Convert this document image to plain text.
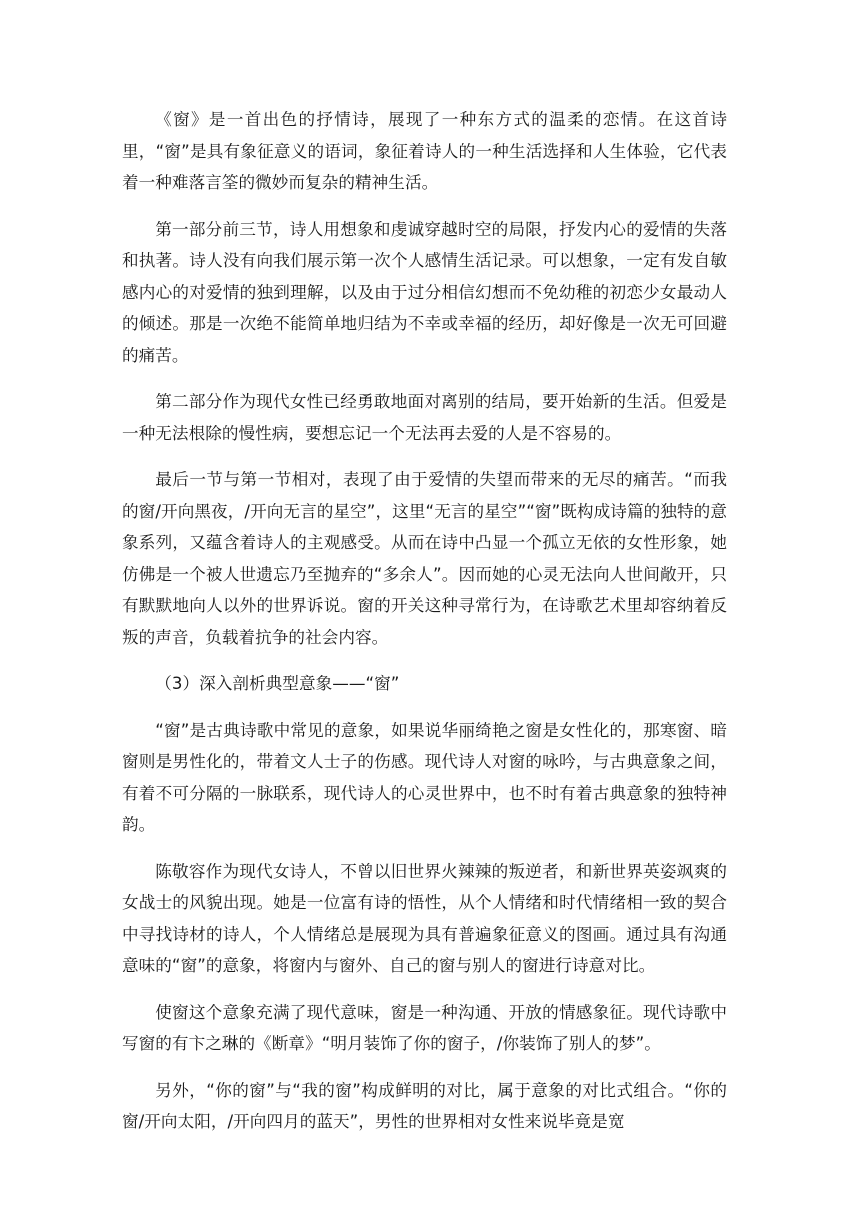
《窗》是一首出色的抒情诗，展现了一种东方式的温柔的恋情。在这首诗里，“窗”是具有象征意义的语词，象征着诗人的一种生活选择和人生体验，它代表着一种难落言筌的微妙而复杂的精神生活。

第一部分前三节，诗人用想象和虔诚穿越时空的局限，抒发内心的爱情的失落和执著。诗人没有向我们展示第一次个人感情生活记录。可以想象，一定有发自敏感内心的对爱情的独到理解，以及由于过分相信幻想而不免幼稚的初恋少女最动人的倾述。那是一次绝不能简单地归结为不幸或幸福的经历，却好像是一次无可回避的痛苦。

第二部分作为现代女性已经勇敢地面对离别的结局，要开始新的生活。但爱是一种无法根除的慢性病，要想忘记一个无法再去爱的人是不容易的。

最后一节与第一节相对，表现了由于爱情的失望而带来的无尽的痛苦。“而我的窗/开向黑夜，/开向无言的星空”，这里“无言的星空”“窗”既构成诗篇的独特的意象系列，又蕴含着诗人的主观感受。从而在诗中凸显一个孤立无依的女性形象，她仿佛是一个被人世遗忘乃至抛弃的“多余人”。因而她的心灵无法向人世间敞开，只有默默地向人以外的世界诉说。窗的开关这种寻常行为，在诗歌艺术里却容纳着反叛的声音，负载着抗争的社会内容。

（3）深入剖析典型意象——“窗”

“窗”是古典诗歌中常见的意象，如果说华丽绮艳之窗是女性化的，那寒窗、暗窗则是男性化的，带着文人士子的伤感。现代诗人对窗的咏吟，与古典意象之间，有着不可分隔的一脉联系，现代诗人的心灵世界中，也不时有着古典意象的独特神韵。

陈敬容作为现代女诗人，不曾以旧世界火辣辣的叛逆者，和新世界英姿飒爽的女战士的风貌出现。她是一位富有诗的悟性，从个人情绪和时代情绪相一致的契合中寻找诗材的诗人，个人情绪总是展现为具有普遍象征意义的图画。通过具有沟通意味的“窗”的意象，将窗内与窗外、自己的窗与别人的窗进行诗意对比。

使窗这个意象充满了现代意味，窗是一种沟通、开放的情感象征。现代诗歌中写窗的有卞之琳的《断章》“明月装饰了你的窗子，/你装饰了别人的梦”。

另外，“你的窗”与“我的窗”构成鲜明的对比，属于意象的对比式组合。“你的窗/开向太阳，/开向四月的蓝天”，男性的世界相对女性来说毕竟是宽
